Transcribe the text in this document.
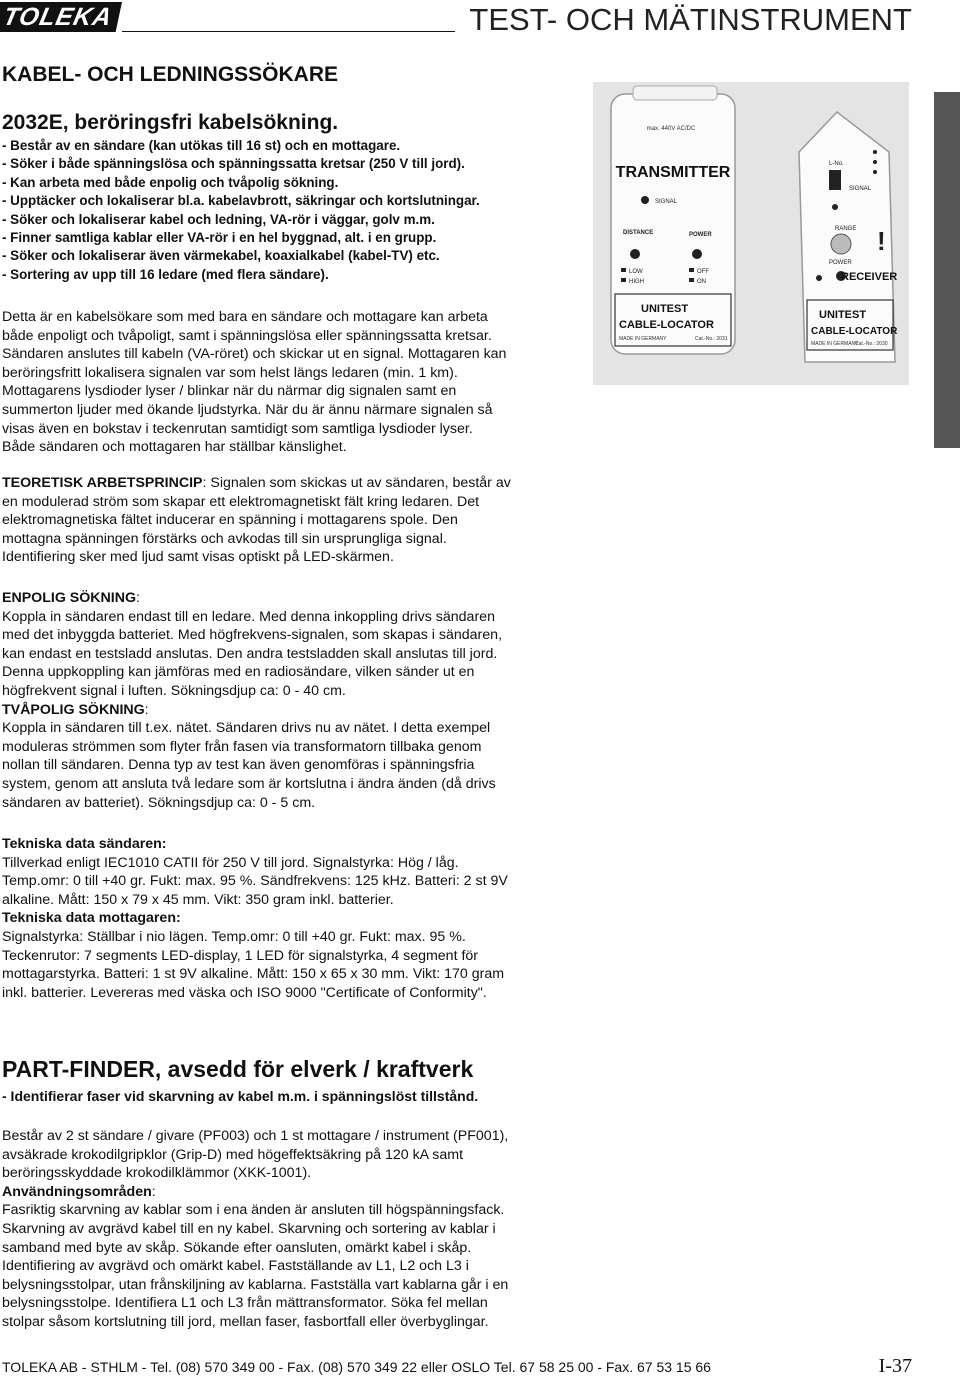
TOLEKA	TEST- OCH MÄTINSTRUMENT
KABEL- OCH LEDNINGSSÖKARE
2032E, beröringsfri kabelsökning.
- Består av en sändare (kan utökas till 16 st) och en mottagare.
- Söker i både spänningslösa och spänningssatta kretsar (250 V till jord).
- Kan arbeta med både enpolig och tvåpolig sökning.
- Upptäcker och lokaliserar bl.a. kabelavbrott, säkringar och kortslutningar.
- Söker och lokaliserar kabel och ledning, VA-rör i väggar, golv m.m.
- Finner samtliga kablar eller VA-rör i en hel byggnad, alt. i en grupp.
- Söker och lokaliserar även värmekabel, koaxialkabel (kabel-TV) etc.
- Sortering av upp till 16 ledare (med flera sändare).
Detta är en kabelsökare som med bara en sändare och mottagare kan arbeta
både enpoligt och tvåpoligt, samt i spänningslösa eller spänningssatta kretsar.
Sändaren anslutes till kabeln (VA-röret) och skickar ut en signal. Mottagaren kan
beröringsfritt lokalisera signalen var som helst längs ledaren (min. 1 km).
Mottagarens lysdioder lyser / blinkar när du närmar dig signalen samt en
summerton ljuder med ökande ljudstyrka. När du är ännu närmare signalen så
visas även en bokstav i teckenrutan samtidigt som samtliga lysdioder lyser.
Både sändaren och mottagaren har ställbar känslighet.
max. 440V AC/DC
TRANSMITTER
SIGNAL
DISTANCE	POWER
LOW
HIGH
OFF
ON
UNITEST
CABLE-LOCATOR
MADE IN GERMANY	Cat.-No.: 2031
L-No.
SIGNAL
RANGE !
POWER
RECEIVER
UNITEST
CABLE-LOCATOR
MADE IN GERMANY
Cat.-No.: 2030
TEORETISK ARBETSPRINCIP: Signalen som skickas ut av sändaren, består av
en modulerad ström som skapar ett elektromagnetiskt fält kring ledaren. Det
elektromagnetiska fältet inducerar en spänning i mottagarens spole. Den
mottagna spänningen förstärks och avkodas till sin ursprungliga signal.
Identifiering sker med ljud samt visas optiskt på LED-skärmen.
ENPOLIG SÖKNING:
Koppla in sändaren endast till en ledare. Med denna inkoppling drivs sändaren
med det inbyggda batteriet. Med högfrekvens-signalen, som skapas i sändaren,
kan endast en testsladd anslutas. Den andra testsladden skall anslutas till jord.
Denna uppkoppling kan jämföras med en radiosändare, vilken sänder ut en
högfrekvent signal i luften. Sökningsdjup ca: 0 - 40 cm.
TVÅPOLIG SÖKNING:
Koppla in sändaren till t.ex. nätet. Sändaren drivs nu av nätet. I detta exempel
moduleras strömmen som flyter från fasen via transformatorn tillbaka genom
nollan till sändaren. Denna typ av test kan även genomföras i spänningsfria
system, genom att ansluta två ledare som är kortslutna i ändra änden (då drivs
sändaren av batteriet). Sökningsdjup ca: 0 - 5 cm.
Tekniska data sändaren:
Tillverkad enligt IEC1010 CATII för 250 V till jord. Signalstyrka: Hög / låg.
Temp.omr: 0 till +40 gr. Fukt: max. 95 %. Sändfrekvens: 125 kHz. Batteri: 2 st 9V
alkaline. Mått: 150 x 79 x 45 mm. Vikt: 350 gram inkl. batterier.
Tekniska data mottagaren:
Signalstyrka: Ställbar i nio lägen. Temp.omr: 0 till +40 gr. Fukt: max. 95 %.
Teckenrutor: 7 segments LED-display, 1 LED för signalstyrka, 4 segment för
mottagarstyrka. Batteri: 1 st 9V alkaline. Mått: 150 x 65 x 30 mm. Vikt: 170 gram
inkl. batterier. Levereras med väska och ISO 9000 "Certificate of Conformity".
PART-FINDER, avsedd för elverk / kraftverk
- Identifierar faser vid skarvning av kabel m.m. i spänningslöst tillstånd.
Består av 2 st sändare / givare (PF003) och 1 st mottagare / instrument (PF001),
avsäkrade krokodilgripklor (Grip-D) med högeffektsäkring på 120 kA samt
beröringsskyddade krokodilklämmor (XKK-1001).
Användningsområden:
Fasriktig skarvning av kablar som i ena änden är ansluten till högspänningsfack.
Skarvning av avgrävd kabel till en ny kabel. Skarvning och sortering av kablar i
samband med byte av skåp. Sökande efter oansluten, omärkt kabel i skåp.
Identifiering av avgrävd och omärkt kabel. Fastställande av L1, L2 och L3 i
belysningsstolpar, utan frånskiljning av kablarna. Fastställa vart kablarna går i en
belysningsstolpe. Identifiera L1 och L3 från mättransformator. Söka fel mellan
stolpar såsom kortslutning till jord, mellan faser, fasbortfall eller överbyglingar.
TOLEKA AB - STHLM - Tel. (08) 570 349 00 - Fax. (08) 570 349 22 eller OSLO Tel. 67 58 25 00 - Fax. 67 53 15 66	I-37
